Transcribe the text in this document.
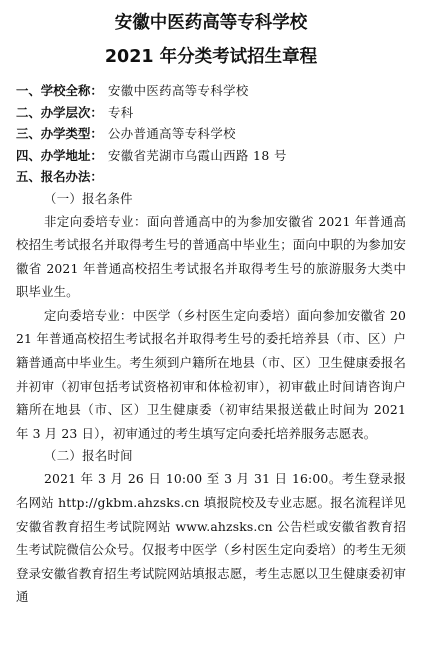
安徽中医药高等专科学校
2021 年分类考试招生章程
一、学校全称： 安徽中医药高等专科学校
二、办学层次： 专科
三、办学类型： 公办普通高等专科学校
四、办学地址： 安徽省芜湖市乌霞山西路 18 号
五、报名办法：
（一）报名条件

非定向委培专业：面向普通高中的为参加安徽省 2021 年普通高校招生考试报名并取得考生号的普通高中毕业生；面向中职的为参加安徽省 2021 年普通高校招生考试报名并取得考生号的旅游服务大类中职毕业生。

定向委培专业：中医学（乡村医生定向委培）面向参加安徽省 2021 年普通高校招生考试报名并取得考生号的委托培养县（市、区）户籍普通高中毕业生。考生须到户籍所在地县（市、区）卫生健康委报名并初审（初审包括考试资格初审和体检初审），初审截止时间请咨询户籍所在地县（市、区）卫生健康委（初审结果报送截止时间为 2021 年 3 月 23 日），初审通过的考生填写定向委托培养服务志愿表。

（二）报名时间

2021 年 3 月 26 日 10:00 至 3 月 31 日 16:00。考生登录报名网站 http://gkbm.ahzsks.cn 填报院校及专业志愿。报名流程详见安徽省教育招生考试院网站 www.ahzsks.cn 公告栏或安徽省教育招生考试院微信公众号。仅报考中医学（乡村医生定向委培）的考生无须登录安徽省教育招生考试院网站填报志愿，考生志愿以卫生健康委初审通
